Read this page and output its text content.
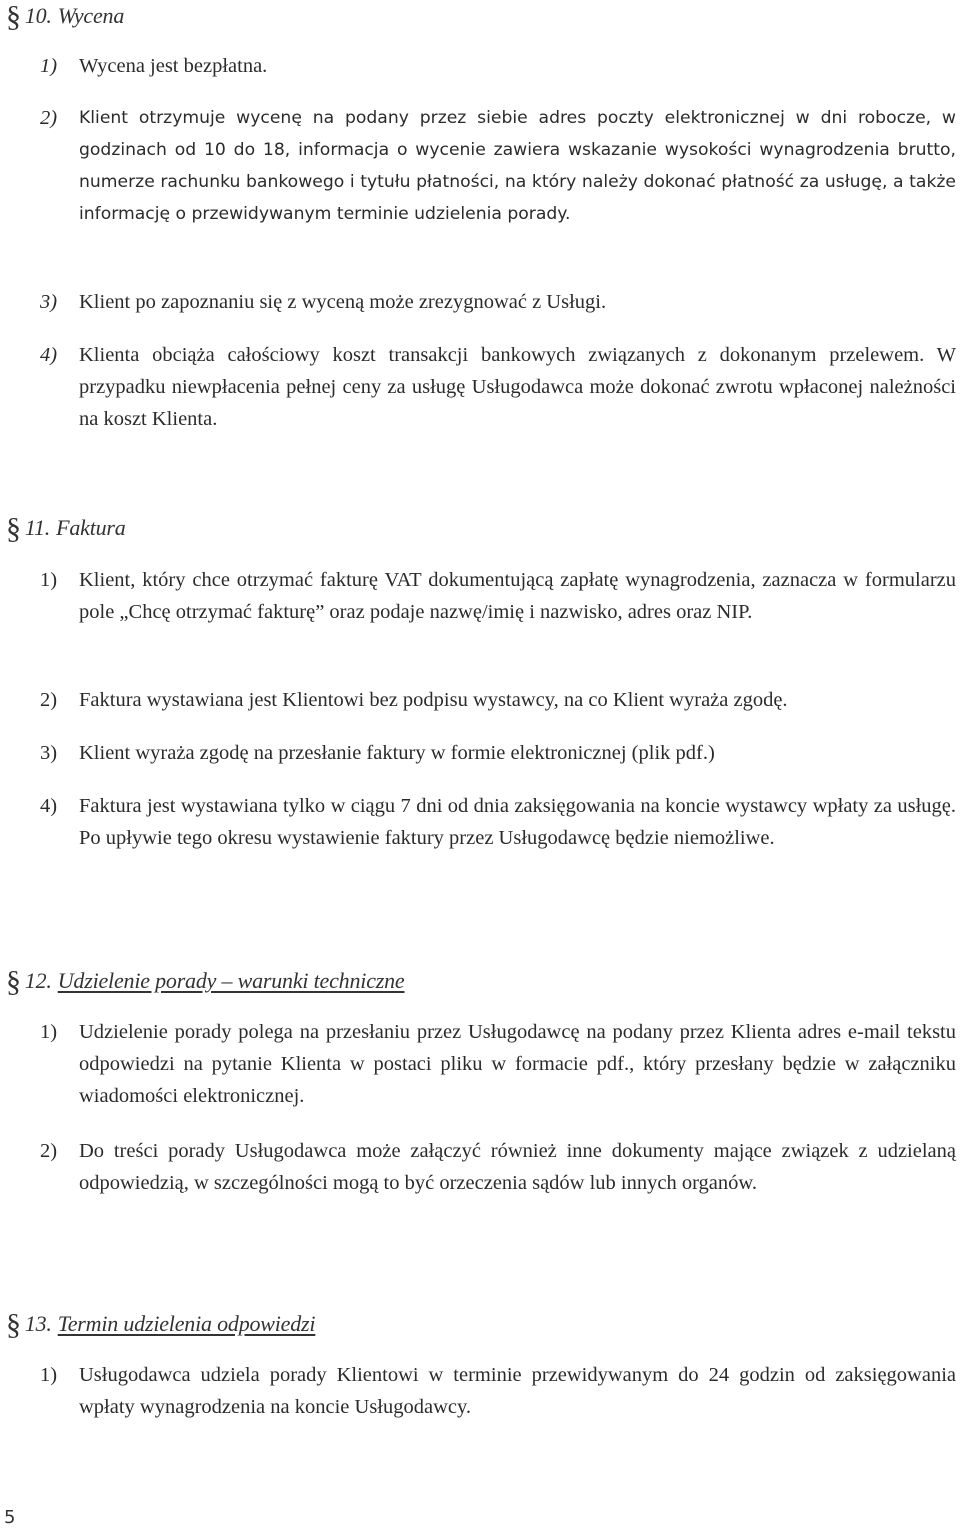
§ 10. Wycena
1) Wycena jest bezpłatna.
2) Klient otrzymuje wycenę na podany przez siebie adres poczty elektronicznej w dni robocze, w godzinach od 10 do 18, informacja o wycenie zawiera wskazanie wysokości wynagrodzenia brutto, numerze rachunku bankowego i tytułu płatności, na który należy dokonać płatność za usługę, a także informację o przewidywanym terminie udzielenia porady.
3) Klient po zapoznaniu się z wyceną może zrezygnować z Usługi.
4) Klienta obciąża całościowy koszt transakcji bankowych związanych z dokonanym przelewem. W przypadku niewpłacenia pełnej ceny za usługę Usługodawca może dokonać zwrotu wpłaconej należności na koszt Klienta.
§ 11. Faktura
1) Klient, który chce otrzymać fakturę VAT dokumentującą zapłatę wynagrodzenia, zaznacza w formularzu pole „Chcę otrzymać fakturę” oraz podaje nazwę/imię i nazwisko, adres oraz NIP.
2) Faktura wystawiana jest Klientowi bez podpisu wystawcy, na co Klient wyraża zgodę.
3) Klient wyraża zgodę na przesłanie faktury w formie elektronicznej (plik pdf.)
4) Faktura jest wystawiana tylko w ciągu 7 dni od dnia zaksięgowania na koncie wystawcy wpłaty za usługę. Po upływie tego okresu wystawienie faktury przez Usługodawcę będzie niemożliwe.
§ 12. Udzielenie porady – warunki techniczne
1) Udzielenie porady polega na przesłaniu przez Usługodawcę na podany przez Klienta adres e-mail tekstu odpowiedzi na pytanie Klienta w postaci pliku w formacie pdf., który przesłany będzie w załączniku wiadomości elektronicznej.
2) Do treści porady Usługodawca może załączyć również inne dokumenty mające związek z udzielaną odpowiedzią, w szczególności mogą to być orzeczenia sądów lub innych organów.
§ 13. Termin udzielenia odpowiedzi
1) Usługodawca udziela porady Klientowi w terminie przewidywanym do 24 godzin od zaksięgowania wpłaty wynagrodzenia na koncie Usługodawcy.
5
